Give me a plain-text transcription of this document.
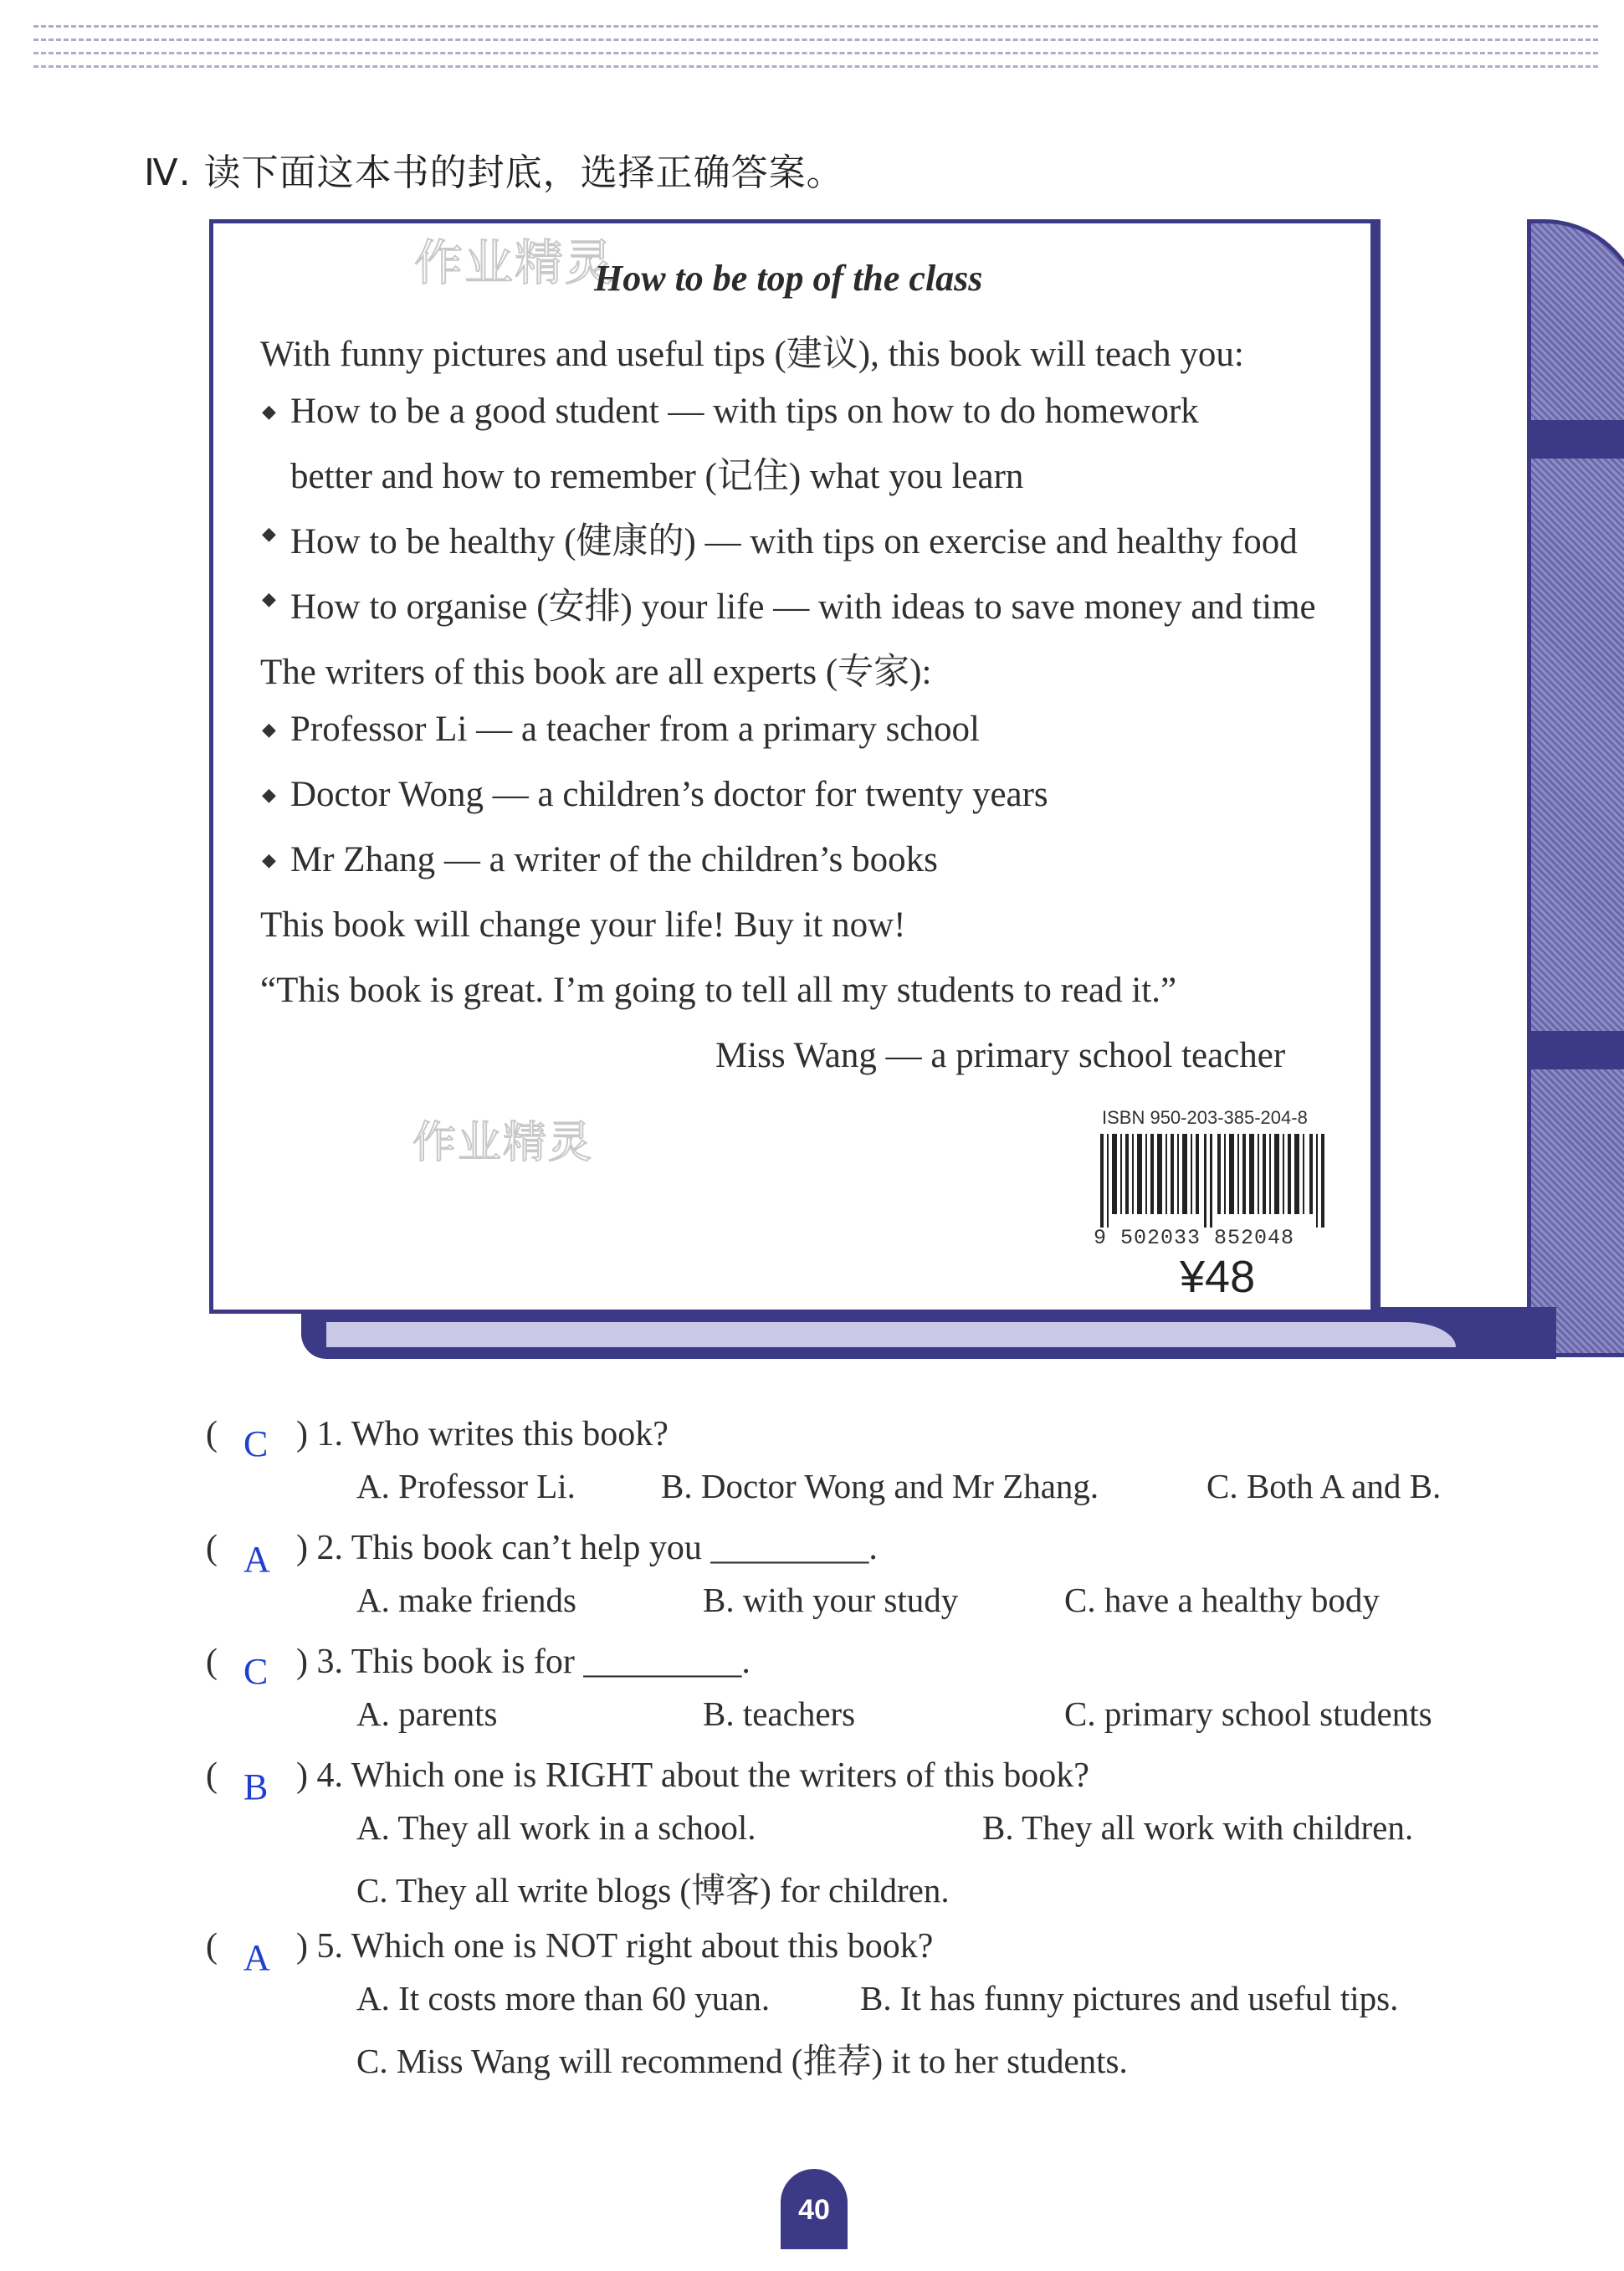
Ⅳ. 读下面这本书的封底，选择正确答案。
作业精灵
How to be top of the class
With funny pictures and useful tips (建议), this book will teach you:
◆ How to be a good student — with tips on how to do homework
better and how to remember (记住) what you learn
◆ How to be healthy (健康的) — with tips on exercise and healthy food
◆ How to organise (安排) your life — with ideas to save money and time
The writers of this book are all experts (专家):
◆ Professor Li — a teacher from a primary school
◆ Doctor Wong — a children’s doctor for twenty years
◆ Mr Zhang — a writer of the children’s books
This book will change your life! Buy it now!
“This book is great. I’m going to tell all my students to read it.”
Miss Wang — a primary school teacher
作业精灵
ISBN 950-203-385-204-8
9 502033 852048
¥48
( C ) 1. Who writes this book?
A. Professor Li. B. Doctor Wong and Mr Zhang.	C. Both A and B.
( A ) 2. This book can’t help you _________.
A. make friends	B. with your study	C. have a healthy body
( C ) 3. This book is for _________.
A. parents	B. teachers	C. primary school students
( B ) 4. Which one is RIGHT about the writers of this book?
A. They all work in a school.	B. They all work with children.
C. They all write blogs (博客) for children.
( A ) 5. Which one is NOT right about this book?
A. It costs more than 60 yuan.	B. It has funny pictures and useful tips.
C. Miss Wang will recommend (推荐) it to her students.
40
